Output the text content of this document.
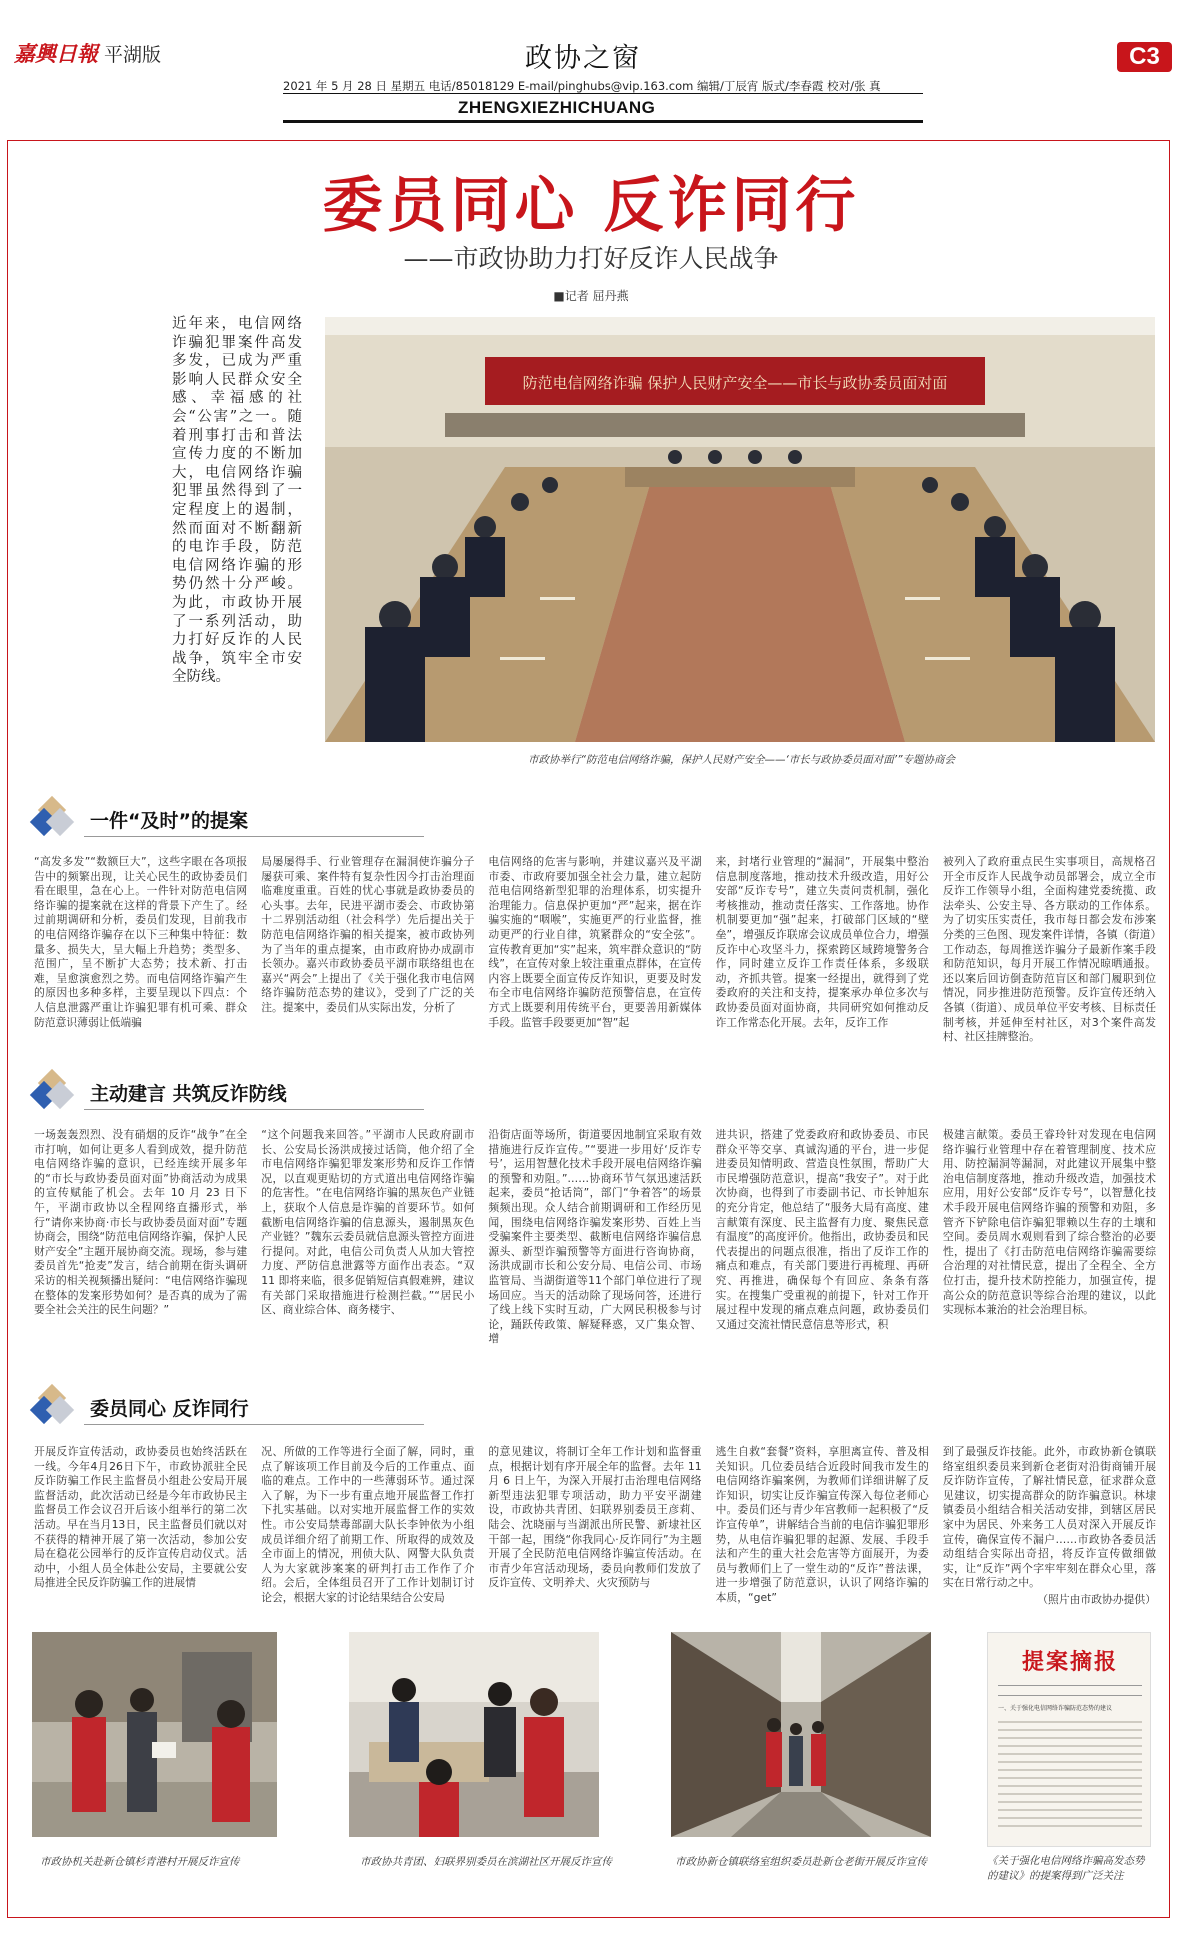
嘉興日報 平湖版	政协之窗	C3
2021 年 5 月 28 日 星期五 电话/85018129 E-mail/pinghubs@vip.163.com 编辑/丁辰宵 版式/李春霞 校对/张 真
ZHENGXIEZHICHUANG
委员同心 反诈同行
——市政协助力打好反诈人民战争
■记者 屈丹燕
近年来，电信网络诈骗犯罪案件高发多发，已成为严重影响人民群众安全感、幸福感的社会“公害”之一。随着刑事打击和普法宣传力度的不断加大，电信网络诈骗犯罪虽然得到了一定程度上的遏制，然而面对不断翻新的电诈手段，防范电信网络诈骗的形势仍然十分严峻。为此，市政协开展了一系列活动，助力打好反诈的人民战争，筑牢全市安全防线。
防范电信网络诈骗 保护人民财产安全——市长与政协委员面对面
市政协举行“防范电信网络诈骗，保护人民财产安全——‘市长与政协委员面对面’”专题协商会
一件“及时”的提案
“高发多发”“数额巨大”，这些字眼在各项报告中的频繁出现，让关心民生的政协委员们看在眼里，急在心上。一件针对防范电信网络诈骗的提案就在这样的背景下产生了。经过前期调研和分析，委员们发现，目前我市的电信网络诈骗存在以下三种集中特征：数量多、损失大，呈大幅上升趋势；类型多、范围广，呈不断扩大态势；技术新、打击难，呈愈演愈烈之势。而电信网络诈骗产生的原因也多种多样，主要呈现以下四点：个人信息泄露严重让诈骗犯罪有机可乘、群众防范意识薄弱让低端骗
局屡屡得手、行业管理存在漏洞使诈骗分子屡获可乘、案件特有复杂性因今打击治理面临难度重重。百姓的忧心事就是政协委员的心头事。去年，民进平湖市委会、市政协第十二界别活动组（社会科学）先后提出关于防范电信网络诈骗的相关提案，被市政协列为了当年的重点提案，由市政府协办成副市长领办。嘉兴市政协委员平湖市联络组也在嘉兴“两会”上提出了《关于强化我市电信网络诈骗防范态势的建议》，受到了广泛的关注。提案中，委员们从实际出发，分析了
电信网络的危害与影响，并建议嘉兴及平湖市委、市政府要加强全社会力量，建立起防范电信网络新型犯罪的治理体系，切实提升治理能力。信息保护更加“严”起来，据在诈骗实施的“咽喉”，实施更严的行业监督，推动更严的行业自律，筑紧群众的“安全弦”。宣传教育更加“实”起来，筑牢群众意识的“防线”，在宣传对象上较注重重点群体，在宣传内容上既要全面宣传反诈知识，更要及时发布全市电信网络诈骗防范预警信息，在宣传方式上既要利用传统平台，更要善用新媒体手段。监管手段要更加“智”起
来，封堵行业管理的“漏洞”，开展集中整治信息制度落地，推动技术升级改造，用好公安部“反诈专号”，建立失责问责机制，强化考核推动，推动责任落实、工作落地。协作机制要更加“强”起来，打破部门区域的“壁垒”，增强反诈联席会议成员单位合力，增强反诈中心攻坚斗力，探索跨区域跨境警务合作，同时建立反诈工作责任体系，多级联动，齐抓共管。提案一经提出，就得到了党委政府的关注和支持，提案承办单位多次与政协委员面对面协商，共同研究如何推动反诈工作常态化开展。去年，反诈工作
被列入了政府重点民生实事项目，高规格召开全市反诈人民战争动员部署会，成立全市反诈工作领导小组，全面构建党委统揽、政法牵头、公安主导、各方联动的工作体系。为了切实压实责任，我市每日都会发布涉案分类的三色图、现发案件详情，各镇（街道）工作动态，每周推送诈骗分子最新作案手段和防范知识，每月开展工作情况晾晒通报。还以案后回访倒查防范盲区和部门履职到位情况，同步推进防范预警。反诈宣传还纳入各镇（街道）、成员单位平安考核、目标责任制考核，并延伸至村社区，对3个案件高发村、社区挂牌整治。
主动建言 共筑反诈防线
一场轰轰烈烈、没有硝烟的反诈“战争”在全市打响，如何让更多人看到成效，提升防范电信网络诈骗的意识，已经连续开展多年的“市长与政协委员面对面”协商活动为成果的宣传赋能了机会。去年 10 月 23 日下午，平湖市政协以全程网络直播形式，举行“请你来协商·市长与政协委员面对面”专题协商会，围绕“防范电信网络诈骗，保护人民财产安全”主题开展协商交流。现场，参与建委员首先“抢麦”发言，结合前期在街头调研采访的相关视频播出疑问：“电信网络诈骗现在整体的发案形势如何？是否真的成为了需要全社会关注的民生问题？”
“这个问题我来回答。”平湖市人民政府副市长、公安局长汤洪成接过话筒，他介绍了全市电信网络诈骗犯罪发案形势和反诈工作情况，以直观更贴切的方式道出电信网络诈骗的危害性。“在电信网络诈骗的黑灰色产业链上，获取个人信息是诈骗的首要环节。如何截断电信网络诈骗的信息源头，遏制黑灰色产业链？”魏东云委员就信息源头管控方面进行提问。对此，电信公司负责人从加大管控力度、严防信息泄露等方面作出表态。“双 11 即将来临，很多促销短信真假难辨，建议有关部门采取措施进行检测拦截。”“居民小区、商业综合体、商务楼宇、
沿街店面等场所，街道要因地制宜采取有效措施进行反诈宣传。”“要进一步用好‘反诈专号’，运用智慧化技术手段开展电信网络诈骗的预警和劝阻。”……协商环节气氛迅速活跃起来，委员“抢话筒”，部门“争着答”的场景频频出现。众人结合前期调研和工作经历见闻，围绕电信网络诈骗发案形势、百姓上当受骗案件主要类型、截断电信网络诈骗信息源头、新型诈骗预警等方面进行咨询协商，汤洪成副市长和公安分局、电信公司、市场监管局、当湖街道等11个部门单位进行了现场回应。当天的活动除了现场问答，还进行了线上线下实时互动，广大网民积极参与讨论，踊跃传政策、解疑释惑，又广集众智、增
进共识，搭建了党委政府和政协委员、市民群众平等交享、真诚沟通的平台，进一步促进委员知情明政、营造良性氛围，帮助广大市民增强防范意识，提高“我安子”。对于此次协商，也得到了市委副书记、市长钟旭东的充分肯定，他总结了“服务大局有高度、建言献策有深度、民主监督有力度、聚焦民意有温度”的高度评价。他指出，政协委员和民代表提出的问题点很准，指出了反诈工作的痛点和难点，有关部门要进行再梳理、再研究、再推进，确保每个有回应、条条有落实。在搜集广受重视的前提下，针对工作开展过程中发现的痛点难点问题，政协委员们又通过交流社情民意信息等形式，积
极建言献策。委员王睿玲针对发现在电信网络诈骗行业管理中存在着管理制度、技术应用、防控漏洞等漏洞，对此建议开展集中整治电信制度落地，推动升级改造，加强技术应用，用好公安部“反诈专号”，以智慧化技术手段开展电信网络诈骗的预警和劝阻，多管齐下铲除电信诈骗犯罪赖以生存的土壤和空间。委员周水观则看到了综合整治的必要性，提出了《打击防范电信网络诈骗需要综合治理的对社情民意，提出了全程全、全方位打击，提升技术防控能力，加强宣传，提高公众的防范意识等综合治理的建议，以此实现标本兼治的社会治理目标。
委员同心 反诈同行
开展反诈宣传活动，政协委员也始终活跃在一线。今年4月26日下午，市政协派驻全民反诈防骗工作民主监督员小组赴公安局开展监督活动，此次活动已经是今年市政协民主监督员工作会议召开后该小组举行的第二次活动。早在当月13日，民主监督员们就以对不获得的精神开展了第一次活动，参加公安局在稳花公园举行的反诈宣传启动仪式。活动中，小组人员全体赴公安局，主要就公安局推进全民反诈防骗工作的进展情
况、所做的工作等进行全面了解，同时，重点了解该项工作目前及今后的工作重点、面临的难点。工作中的一些薄弱环节。通过深入了解，为下一步有重点地开展监督工作打下扎实基础。以对实地开展监督工作的实效性。市公安局禁毒部副大队长李钟依为小组成员详细介绍了前期工作、所取得的成效及全市面上的情况，刑侦大队、网警大队负责人为大家就涉案案的研判打击工作作了介绍。会后，全体组员召开了工作计划制订讨论会，根据大家的讨论结果结合公安局
的意见建议，将制订全年工作计划和监督重点，根据计划有序开展全年的监督。去年 11 月 6 日上午，为深入开展打击治理电信网络新型违法犯罪专项活动，助力平安平湖建设，市政协共青团、妇联界别委员王彦莉、陆会、沈晓丽与当湖派出所民警、新埭社区干部一起，围绕“你我同心·反诈同行”为主题开展了全民防范电信网络诈骗宣传活动。在市青少年宫活动现场，委员向教师们发放了反诈宣传、文明养犬、火灾预防与
逃生自救“套餐”资料，享胆离宣传、普及相关知识。几位委员结合近段时间我市发生的电信网络诈骗案例，为教师们详细讲解了反诈知识，切实让反诈骗宣传深入每位老师心中。委员们还与青少年宫教师一起积极了“反诈宣传单”，讲解结合当前的电信诈骗犯罪形势，从电信诈骗犯罪的起源、发展、手段手法和产生的重大社会危害等方面展开，为委员与教师们上了一堂生动的“反诈”普法课，进一步增强了防范意识，认识了网络诈骗的本质，“get”
到了最强反诈技能。此外，市政协新仓镇联络室组织委员来到新仓老街对沿街商铺开展反诈防诈宣传，了解社情民意，征求群众意见建议，切实提高群众的防诈骗意识。林埭镇委员小组结合相关活动安排，到辖区居民家中为居民、外来务工人员对深入开展反诈宣传，确保宣传不漏户……市政协各委员活动组结合实际出奇招，将反诈宣传做细做实，让“反诈”两个字牢牢刻在群众心里，落实在日常行动之中。
（照片由市政协办提供）
提案摘报
一、关于强化电信网络诈骗防范态势的建议
市政协机关赴新仓镇杉青港村开展反诈宣传	市政协共青团、妇联界别委员在滨湖社区开展反诈宣传	市政协新仓镇联络室组织委员赴新仓老街开展反诈宣传	《关于强化电信网络诈骗高发态势的建议》的提案得到广泛关注
